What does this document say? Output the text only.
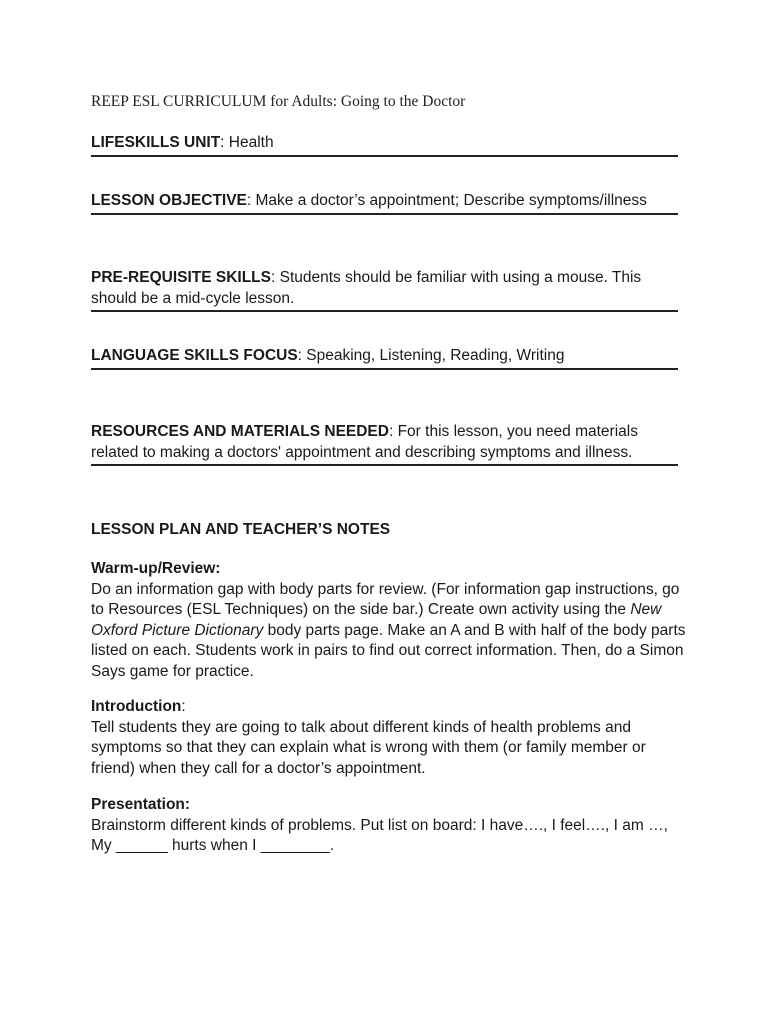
REEP ESL CURRICULUM for Adults: Going to the Doctor
LIFESKILLS UNIT: Health
LESSON OBJECTIVE: Make a doctor’s appointment; Describe symptoms/illness
PRE-REQUISITE SKILLS: Students should be familiar with using a mouse. This should be a mid-cycle lesson.
LANGUAGE SKILLS FOCUS: Speaking, Listening, Reading, Writing
RESOURCES AND MATERIALS NEEDED: For this lesson, you need materials related to making a doctors' appointment and describing symptoms and illness.

LESSON PLAN AND TEACHER’S NOTES

Warm-up/Review:

Do an information gap with body parts for review. (For information gap instructions, go to Resources (ESL Techniques) on the side bar.) Create own activity using the New Oxford Picture Dictionary body parts page. Make an A and B with half of the body parts listed on each. Students work in pairs to find out correct information. Then, do a Simon Says game for practice.

Introduction:

Tell students they are going to talk about different kinds of health problems and symptoms so that they can explain what is wrong with them (or family member or friend) when they call for a doctor’s appointment.

Presentation:

Brainstorm different kinds of problems. Put list on board: I have…., I feel…., I am …, My ______ hurts when I ________.
